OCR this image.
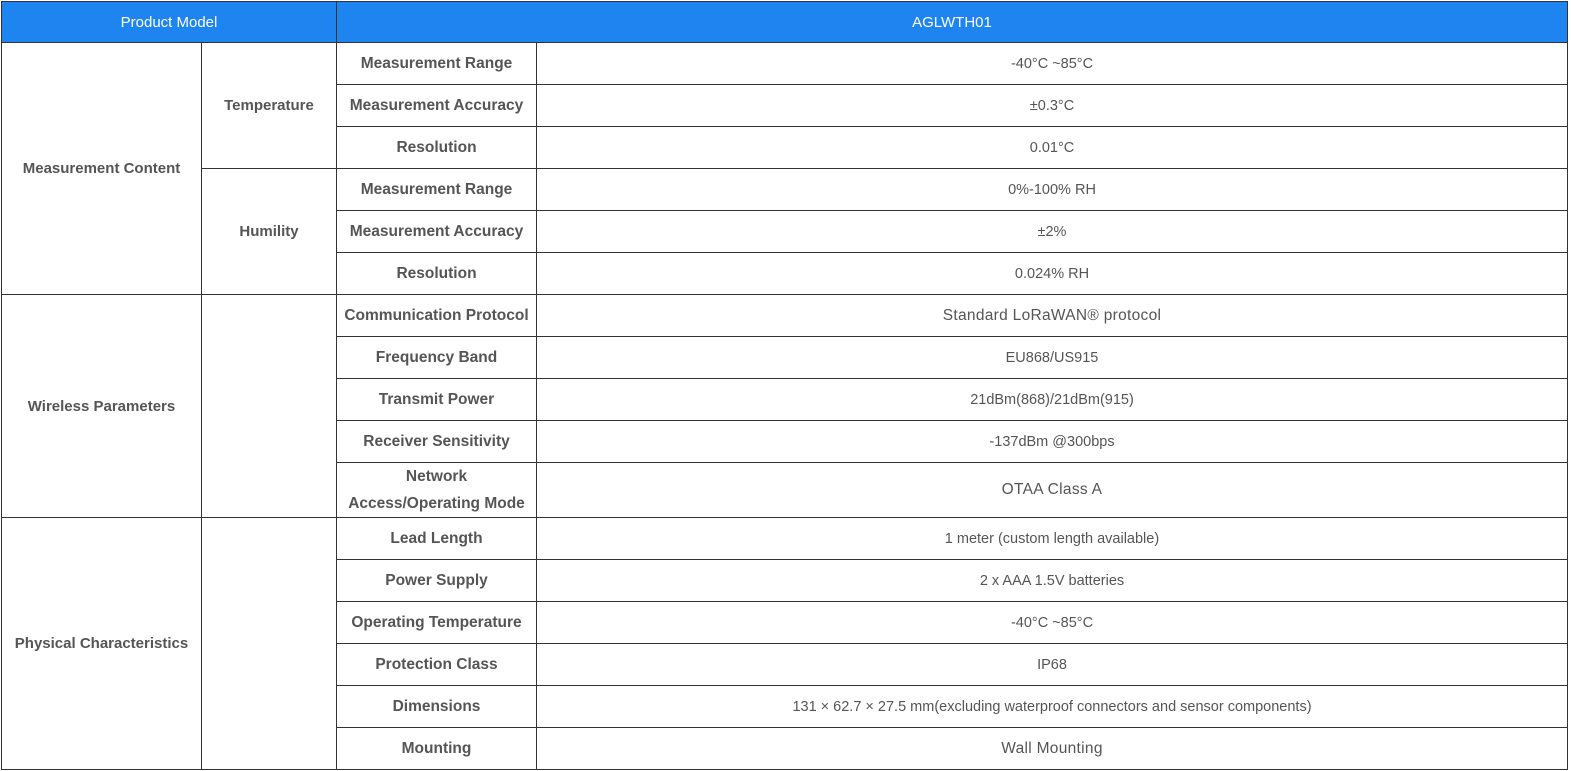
Product Model		AGLWTH01	
Measurement Content	Temperature	Measurement Range	-40°C ~85°C
		Measurement Accuracy	±0.3°C
		Resolution	0.01°C
	Humility	Measurement Range	0%-100% RH
		Measurement Accuracy	±2%
		Resolution	0.024% RH
Wireless Parameters		Communication Protocol	Standard LoRaWAN® protocol
		Frequency Band	EU868/US915
		Transmit Power	21dBm(868)/21dBm(915)
		Receiver Sensitivity	-137dBm @300bps
		Network Access/Operating Mode	OTAA Class A
Physical Characteristics		Lead Length	1 meter (custom length available)
		Power Supply	2 x AAA 1.5V batteries
		Operating Temperature	-40°C ~85°C
		Protection Class	IP68
		Dimensions	131 × 62.7 × 27.5 mm(excluding waterproof connectors and sensor components)
		Mounting	Wall Mounting
